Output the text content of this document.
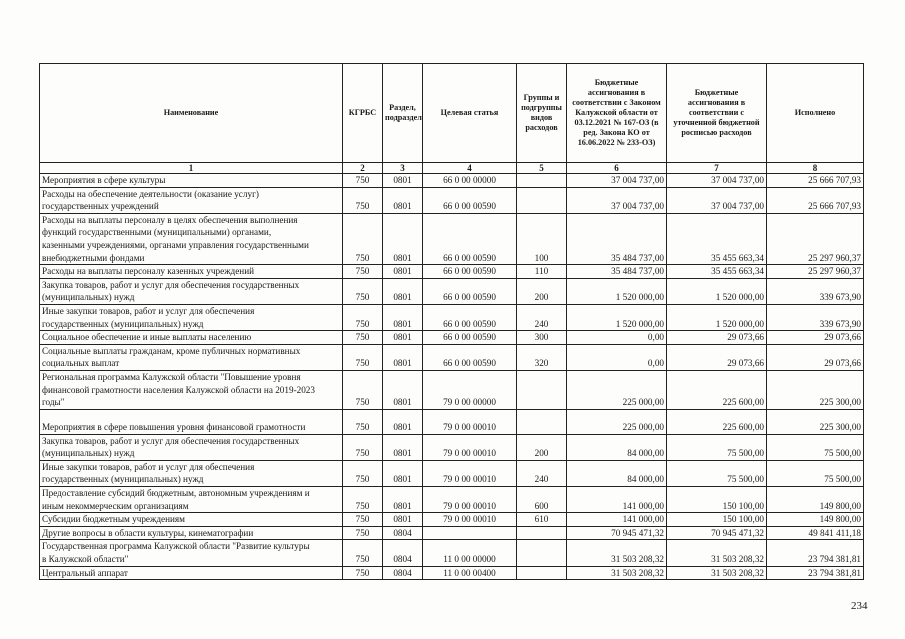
Наименование	КГРБС	Раздел, подраздел	Целевая статья	Группы и подгруппы видов расходов	Бюджетные ассигнования в соответствии с Законом Калужской области от 03.12.2021 № 167-ОЗ (в ред. Закона КО от 16.06.2022 № 233-ОЗ)	Бюджетные ассигнования в соответствии с уточненной бюджетной росписью расходов	Исполнено
1	2	3	4	5	6	7	8
Мероприятия в сфере культуры	750	0801	66 0 00 00000		37 004 737,00	37 004 737,00	25 666 707,93
Расходы на обеспечение деятельности (оказание услуг)
государственных учреждений	750	0801	66 0 00 00590		37 004 737,00	37 004 737,00	25 666 707,93
Расходы на выплаты персоналу в целях обеспечения выполнения
функций государственными (муниципальными) органами,
казенными учреждениями, органами управления государственными
внебюджетными фондами	750	0801	66 0 00 00590	100	35 484 737,00	35 455 663,34	25 297 960,37
Расходы на выплаты персоналу казенных учреждений	750	0801	66 0 00 00590	110	35 484 737,00	35 455 663,34	25 297 960,37
Закупка товаров, работ и услуг для обеспечения государственных
(муниципальных) нужд	750	0801	66 0 00 00590	200	1 520 000,00	1 520 000,00	339 673,90
Иные закупки товаров, работ и услуг для обеспечения
государственных (муниципальных) нужд	750	0801	66 0 00 00590	240	1 520 000,00	1 520 000,00	339 673,90
Социальное обеспечение и иные выплаты населению	750	0801	66 0 00 00590	300	0,00	29 073,66	29 073,66
Социальные выплаты гражданам, кроме публичных нормативных
социальных выплат	750	0801	66 0 00 00590	320	0,00	29 073,66	29 073,66
Региональная программа Калужской области "Повышение уровня
финансовой грамотности населения Калужской области на 2019-2023
годы"	750	0801	79 0 00 00000		225 000,00	225 600,00	225 300,00
Мероприятия в сфере повышения уровня финансовой грамотности	750	0801	79 0 00 00010		225 000,00	225 600,00	225 300,00
Закупка товаров, работ и услуг для обеспечения государственных
(муниципальных) нужд	750	0801	79 0 00 00010	200	84 000,00	75 500,00	75 500,00
Иные закупки товаров, работ и услуг для обеспечения
государственных (муниципальных) нужд	750	0801	79 0 00 00010	240	84 000,00	75 500,00	75 500,00
Предоставление субсидий бюджетным, автономным учреждениям и
иным некоммерческим организациям	750	0801	79 0 00 00010	600	141 000,00	150 100,00	149 800,00
Субсидии бюджетным учреждениям	750	0801	79 0 00 00010	610	141 000,00	150 100,00	149 800,00
Другие вопросы в области культуры, кинематографии	750	0804			70 945 471,32	70 945 471,32	49 841 411,18
Государственная программа Калужской области "Развитие культуры
в Калужской области"	750	0804	11 0 00 00000		31 503 208,32	31 503 208,32	23 794 381,81
Центральный аппарат	750	0804	11 0 00 00400		31 503 208,32	31 503 208,32	23 794 381,81
234
